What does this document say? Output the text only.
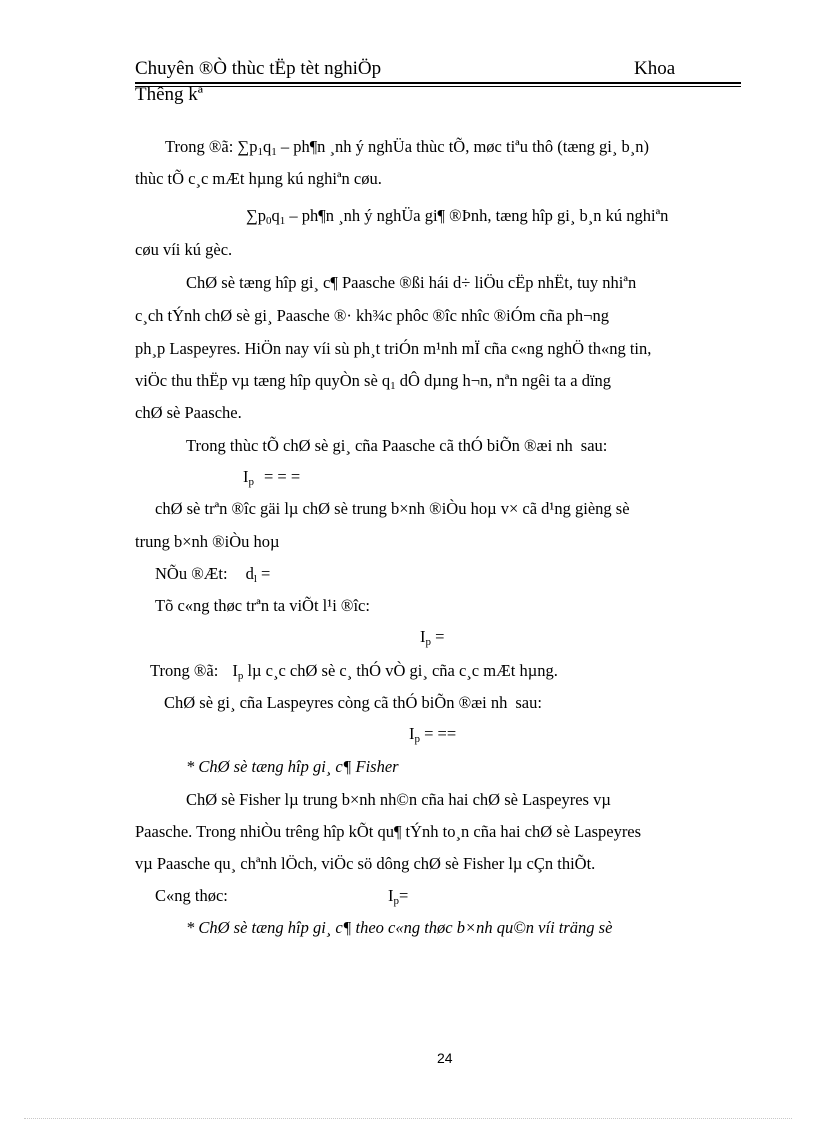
Chuyên ®Ò thùc tËp tèt nghiÖp	Khoa
Thêng kª
Trong ®ã: $\sum p_1q_1$ – ph¶n ¸nh ý nghÜa thùc tÕ, møc tiªu thô (tæng gi¸ b¸n)
thùc tÕ c¸c mÆt hµng kú nghiªn cøu.
$\sum p_0q_1$ – ph¶n ¸nh ý nghÜa gi¶ ®Þnh, tæng hîp gi¸ b¸n kú nghiªn
cøu víi kú gèc.
ChØ sè tæng hîp gi¸ c¶ Paasche ®ßi hái d÷ liÖu cËp nhËt, tuy nhiªn
c¸ch tÝnh chØ sè gi¸ Paasche ®· kh¾c phôc ®îc nhîc ®iÓm cña ph¬ng
ph¸p Laspeyres. HiÖn nay víi sù ph¸t triÓn m¹nh mÏ cña c«ng nghÖ th«ng tin,
viÖc thu thËp vµ tæng hîp quyÒn sè $q_1$ dÔ dµng h¬n, nªn ngêi ta a dïng
chØ sè Paasche.
Trong thùc tÕ chØ sè gi¸ cña Paasche cã thÓ biÕn ®æi nh sau:
$I_p$ = = =
chØ sè trªn ®îc gäi lµ chØ sè trung b×nh ®iÒu hoµ v× cã d¹ng gièng sè
trung b×nh ®iÒu hoµ
NÕu ®Æt: $d_l$ =
Tõ c«ng thøc trªn ta viÕt l¹i ®îc:
$I_p$ =
Trong ®ã: $I_p$ lµ c¸c chØ sè c¸ thÓ vÒ gi¸ cña c¸c mÆt hµng.
ChØ sè gi¸ cña Laspeyres còng cã thÓ biÕn ®æi nh sau:
$I_p$ = ==
* ChØ sè tæng hîp gi¸ c¶ Fisher
ChØ sè Fisher lµ trung b×nh nh©n cña hai chØ sè Laspeyres vµ
Paasche. Trong nhiÒu trêng hîp kÕt qu¶ tÝnh to¸n cña hai chØ sè Laspeyres
vµ Paasche qu¸ chªnh lÖch, viÖc sö dông chØ sè Fisher lµ cÇn thiÕt.
C«ng thøc:	$I_p=$
* ChØ sè tæng hîp gi¸ c¶ theo c«ng thøc b×nh qu©n víi träng sè
24
